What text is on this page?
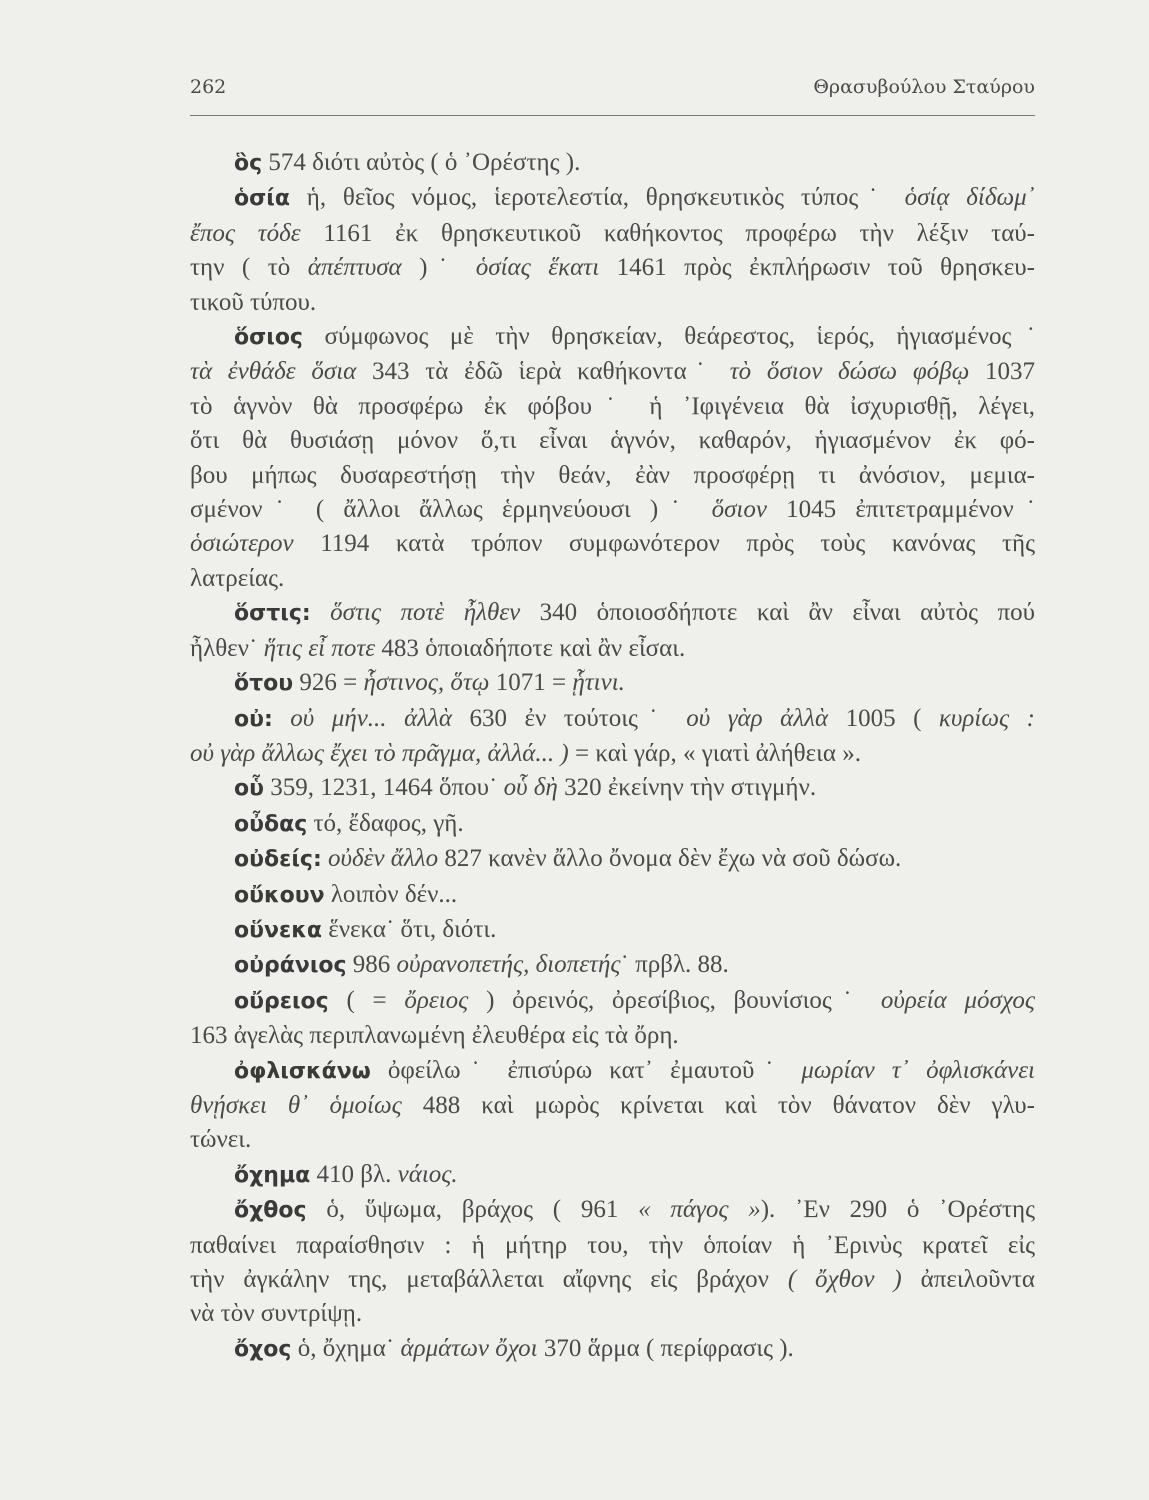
262	Θρασυβούλου Σταύρου
ὃς 574 διότι αὐτὸς ( ὁ ᾿Ορέστης ).
ὁσία ἡ, θεῖος νόμος, ἱεροτελεστία, θρησκευτικὸς τύπος˙ ὁσίᾳ δίδωμ᾿
ἔπος τόδε 1161 ἐκ θρησκευτικοῦ καθήκοντος προφέρω τὴν λέξιν ταύ-
την ( τὸ ἀπέπτυσα )˙ ὁσίας ἕκατι 1461 πρὸς ἐκπλήρωσιν τοῦ θρησκευ-
τικοῦ τύπου.
ὅσιος σύμφωνος μὲ τὴν θρησκείαν, θεάρεστος, ἱερός, ἡγιασμένος˙
τὰ ἐνθάδε ὅσια 343 τὰ ἐδῶ ἱερὰ καθήκοντα˙ τὸ ὅσιον δώσω φόβῳ 1037
τὸ ἁγνὸν θὰ προσφέρω ἐκ φόβου˙ ἡ ᾿Ιφιγένεια θὰ ἰσχυρισθῇ, λέγει,
ὅτι θὰ θυσιάσῃ μόνον ὅ,τι εἶναι ἁγνόν, καθαρόν, ἡγιασμένον ἐκ φό-
βου μήπως δυσαρεστήσῃ τὴν θεάν, ἐὰν προσφέρῃ τι ἀνόσιον, μεμια-
σμένον˙ ( ἄλλοι ἄλλως ἑρμηνεύουσι )˙ ὅσιον 1045 ἐπιτετραμμένον˙
ὁσιώτερον 1194 κατὰ τρόπον συμφωνότερον πρὸς τοὺς κανόνας τῆς
λατρείας.
ὅστις: ὅστις ποτὲ ἦλθεν 340 ὁποιοσδήποτε καὶ ἂν εἶναι αὐτὸς πού
ἦλθεν˙ ἥτις εἶ ποτε 483 ὁποιαδήποτε καὶ ἂν εἶσαι.
ὅτου 926 = ἧστινος, ὅτῳ 1071 = ᾗτινι.
οὐ: οὐ μήν... ἀλλὰ 630 ἐν τούτοις˙ οὐ γὰρ ἀλλὰ 1005 ( κυρίως :
οὐ γὰρ ἄλλως ἔχει τὸ πρᾶγμα, ἀλλά... ) = καὶ γάρ, « γιατὶ ἀλήθεια ».
οὗ 359, 1231, 1464 ὅπου˙ οὗ δὴ 320 ἐκείνην τὴν στιγμήν.
οὖδας τό, ἔδαφος, γῆ.
οὐδείς: οὐδὲν ἄλλο 827 κανὲν ἄλλο ὄνομα δὲν ἔχω νὰ σοῦ δώσω.
οὔκουν λοιπὸν δέν...
οὕνεκα ἕνεκα˙ ὅτι, διότι.
οὐράνιος 986 οὐρανοπετής, διοπετής˙ πρβλ. 88.
οὔρειος ( = ὄρειος ) ὀρεινός, ὀρεσίβιος, βουνίσιος˙ οὐρεία μόσχος
163 ἀγελὰς περιπλανωμένη ἐλευθέρα εἰς τὰ ὄρη.
ὀφλισκάνω ὀφείλω˙ ἐπισύρω κατ᾿ ἐμαυτοῦ˙ μωρίαν τ᾿ ὀφλισκάνει
θνῄσκει θ᾿ ὁμοίως 488 καὶ μωρὸς κρίνεται καὶ τὸν θάνατον δὲν γλυ-
τώνει.
ὄχημα 410 βλ. νάιος.
ὄχθος ὁ, ὕψωμα, βράχος ( 961 « πάγος »). ᾿Εν 290 ὁ ᾿Ορέστης
παθαίνει παραίσθησιν : ἡ μήτηρ του, τὴν ὁποίαν ἡ ᾿Ερινὺς κρατεῖ εἰς
τὴν ἀγκάλην της, μεταβάλλεται αἴφνης εἰς βράχον ( ὄχθον ) ἀπειλοῦντα
νὰ τὸν συντρίψῃ.
ὄχος ὁ, ὄχημα˙ ἁρμάτων ὄχοι 370 ἅρμα ( περίφρασις ).
